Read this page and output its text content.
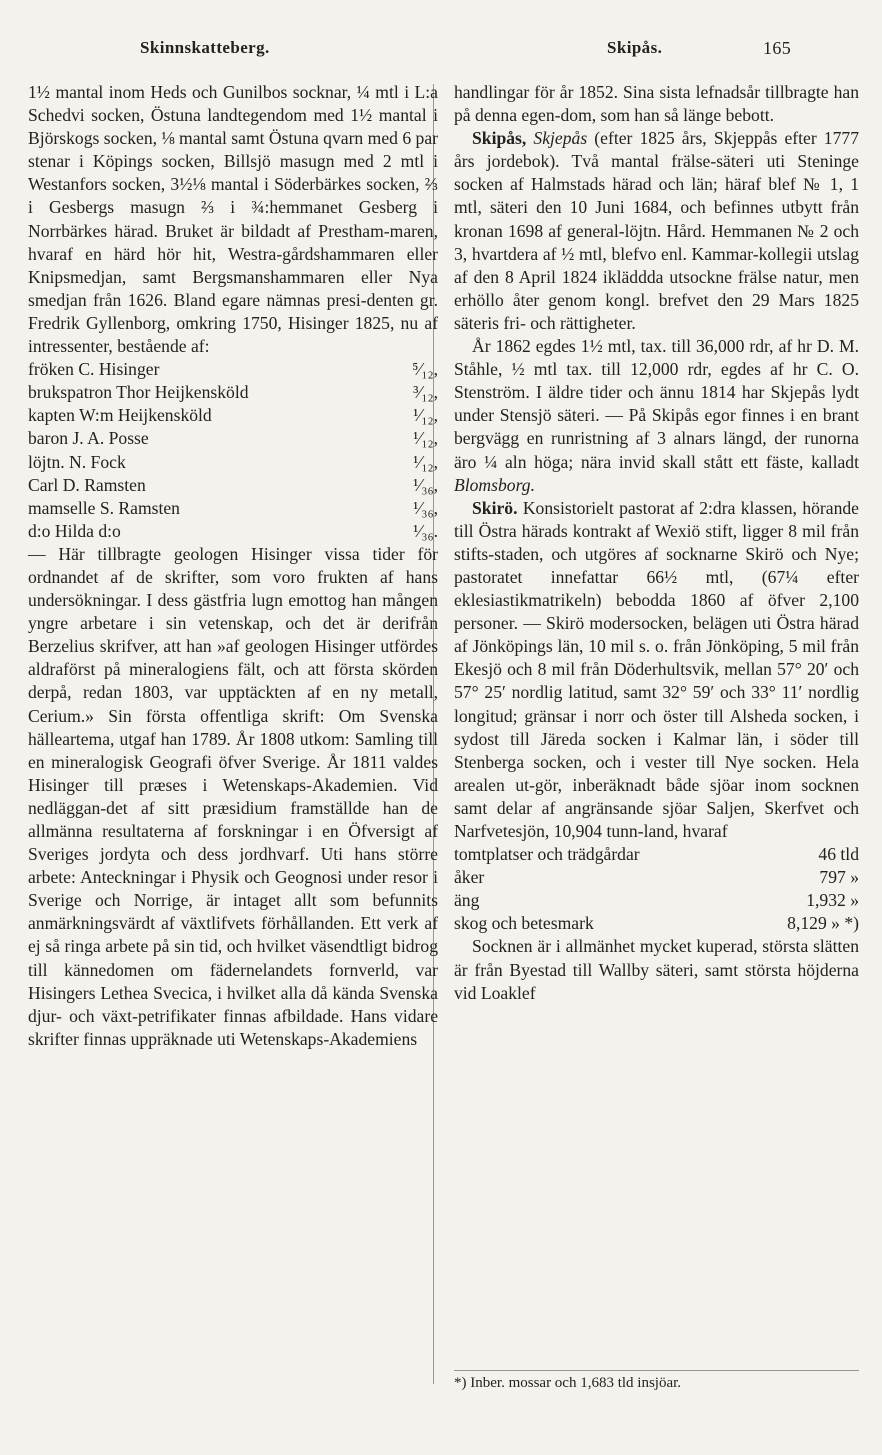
Skinnskatteberg.	Skipås.	165

1½ mantal inom Heds och Gunilbos socknar, ¼ mtl i L:a Schedvi socken, Östuna landtegendom med 1½ mantal i Björskogs socken, ⅛ mantal samt Östuna qvarn med 6 par stenar i Köpings socken, Billsjö masugn med 2 mtl i Westanfors socken, 3½⅛ mantal i Söderbärkes socken, ⅔ i Gesbergs masugn ⅔ i ¾:hemmanet Gesberg i Norrbärkes härad. Bruket är bildadt af Prestham-maren, hvaraf en härd hör hit, Westra-gårdshammaren eller Knipsmedjan, samt Bergsmanshammaren eller Nya smedjan från 1626. Bland egare nämnas presi-denten gr. Fredrik Gyllenborg, omkring 1750, Hisinger 1825, nu af intressenter, bestående af:

fröken C. Hisinger	⁵⁄₁₂,
brukspatron Thor Heijkensköld	³⁄₁₂,
kapten W:m Heijkensköld	¹⁄₁₂,
baron J. A. Posse	¹⁄₁₂,
löjtn. N. Fock	¹⁄₁₂,
Carl D. Ramsten	¹⁄₃₆,
mamselle S. Ramsten	¹⁄₃₆,
d:o Hilda d:o	¹⁄₃₆.

— Här tillbragte geologen Hisinger vissa tider för ordnandet af de skrifter, som voro frukten af hans undersökningar. I dess gästfria lugn emottog han mången yngre arbetare i sin vetenskap, och det är derifrån Berzelius skrifver, att han »af geologen Hisinger utfördes aldraförst på mineralogiens fält, och att första skörden derpå, redan 1803, var upptäckten af en ny metall, Cerium.» Sin första offentliga skrift: Om Svenska hälleartema, utgaf han 1789. År 1808 utkom: Samling till en mineralogisk Geografi öfver Sverige. År 1811 valdes Hisinger till præses i Wetenskaps-Akademien. Vid nedläggan-det af sitt præsidium framställde han de allmänna resultaterna af forskningar i en Öfversigt af Sveriges jordyta och dess jordhvarf. Uti hans större arbete: Anteckningar i Physik och Geognosi under resor i Sverige och Norrige, är intaget allt som befunnits anmärkningsvärdt af växtlifvets förhållanden. Ett verk af ej så ringa arbete på sin tid, och hvilket väsendtligt bidrog till kännedomen om fädernelandets fornverld, var Hisingers Lethea Svecica, i hvilket alla då kända Svenska djur- och växt-petrifikater finnas afbildade. Hans vidare skrifter finnas uppräknade uti Wetenskaps-Akademiens

handlingar för år 1852. Sina sista lefnadsår tillbragte han på denna egen-dom, som han så länge bebott.

Skipås, Skjepås (efter 1825 års, Skjeppås efter 1777 års jordebok). Två mantal frälse-säteri uti Steninge socken af Halmstads härad och län; häraf blef № 1, 1 mtl, säteri den 10 Juni 1684, och befinnes utbytt från kronan 1698 af general-löjtn. Hård. Hemmanen № 2 och 3, hvartdera af ½ mtl, blefvo enl. Kammar-kollegii utslag af den 8 April 1824 ikläddda utsockne frälse natur, men erhöllo åter genom kongl. brefvet den 29 Mars 1825 säteris fri- och rättigheter.

År 1862 egdes 1½ mtl, tax. till 36,000 rdr, af hr D. M. Ståhle, ½ mtl tax. till 12,000 rdr, egdes af hr C. O. Stenström. I äldre tider och ännu 1814 har Skjepås lydt under Stensjö säteri. — På Skipås egor finnes i en brant bergvägg en runristning af 3 alnars längd, der runorna äro ¼ aln höga; nära invid skall stått ett fäste, kalladt Blomsborg.

Skirö. Konsistorielt pastorat af 2:dra klassen, hörande till Östra härads kontrakt af Wexiö stift, ligger 8 mil från stifts-staden, och utgöres af socknarne Skirö och Nye; pastoratet innefattar 66½ mtl, (67¼ efter eklesiastikmatrikeln) bebodda 1860 af öfver 2,100 personer. — Skirö modersocken, belägen uti Östra härad af Jönköpings län, 10 mil s. o. från Jönköping, 5 mil från Ekesjö och 8 mil från Döderhultsvik, mellan 57° 20′ och 57° 25′ nordlig latitud, samt 32° 59′ och 33° 11′ nordlig longitud; gränsar i norr och öster till Alsheda socken, i sydost till Järeda socken i Kalmar län, i söder till Stenberga socken, och i vester till Nye socken. Hela arealen ut-gör, inberäknadt både sjöar inom socknen samt delar af angränsande sjöar Saljen, Skerfvet och Narfvetesjön, 10,904 tunn-land, hvaraf

tomtplatser och trädgårdar	46 tld
åker	797 »
äng	1,932 »
skog och betesmark	8,129 » *)

Socknen är i allmänhet mycket kuperad, största slätten är från Byestad till Wallby säteri, samt största höjderna vid Loaklef

*) Inber. mossar och 1,683 tld insjöar.
